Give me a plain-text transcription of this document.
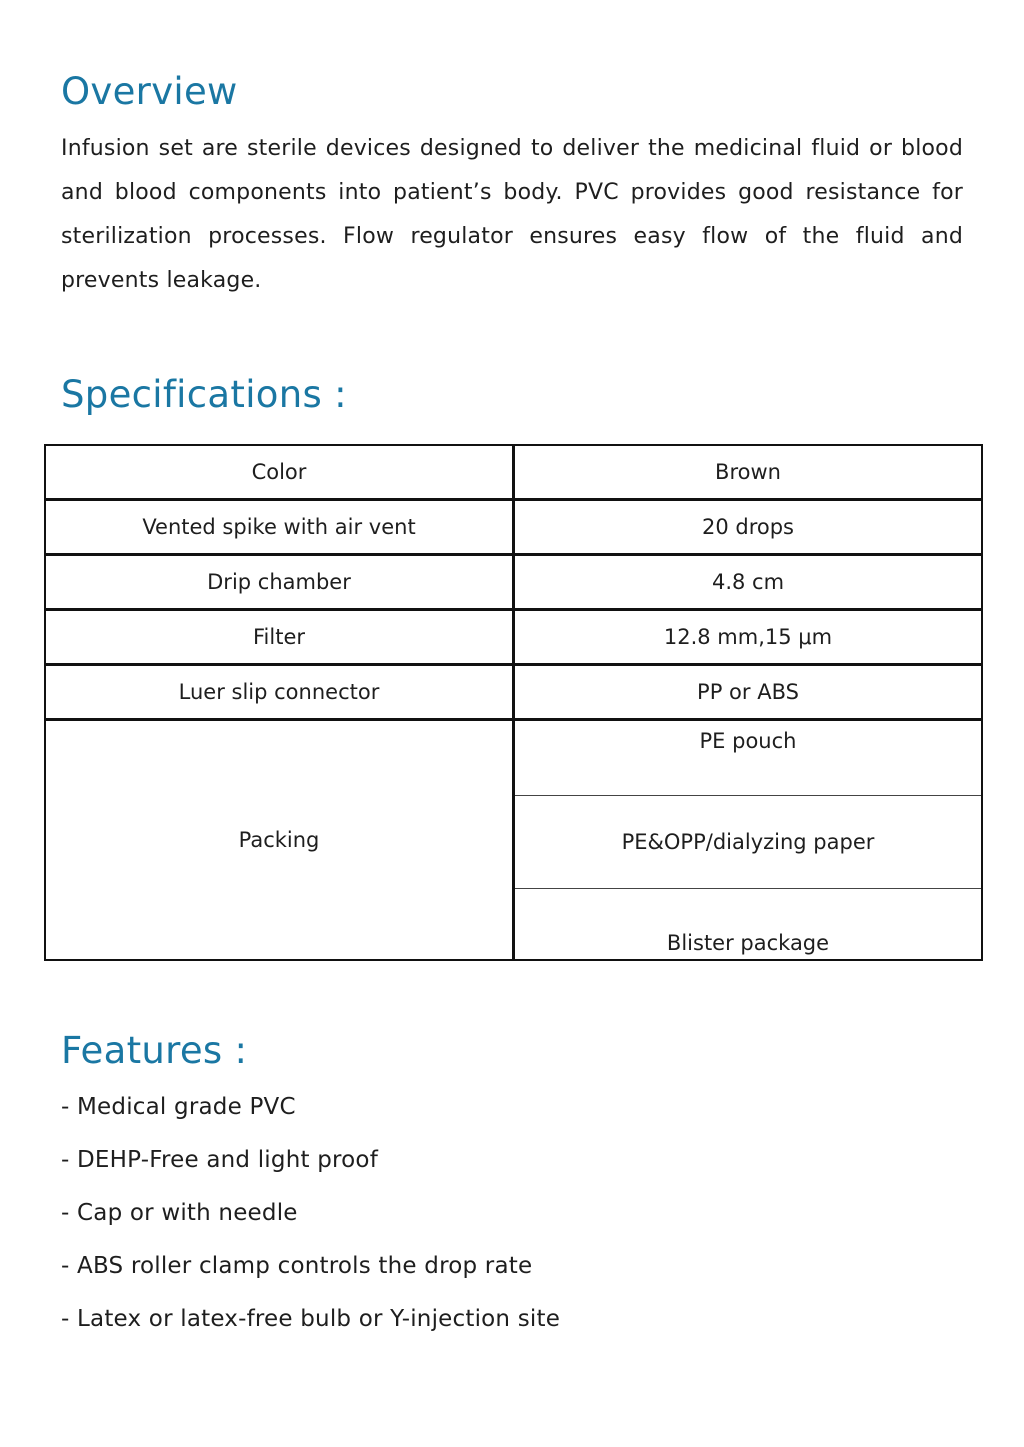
Overview

Infusion set are sterile devices designed to deliver the medicinal fluid or blood and blood components into patient’s body. PVC provides good resistance for sterilization processes. Flow regulator ensures easy flow of the fluid and prevents leakage.

Specifications :
Color	Brown
Vented spike with air vent	20 drops
Drip chamber	4.8 cm
Filter	12.8 mm,15 μm
Luer slip connector	PP or ABS
Packing	PE pouch
	PE&OPP/dialyzing paper
	Blister package
Features :
- Medical grade PVC
- DEHP-Free and light proof
- Cap or with needle
- ABS roller clamp controls the drop rate
- Latex or latex-free bulb or Y-injection site
